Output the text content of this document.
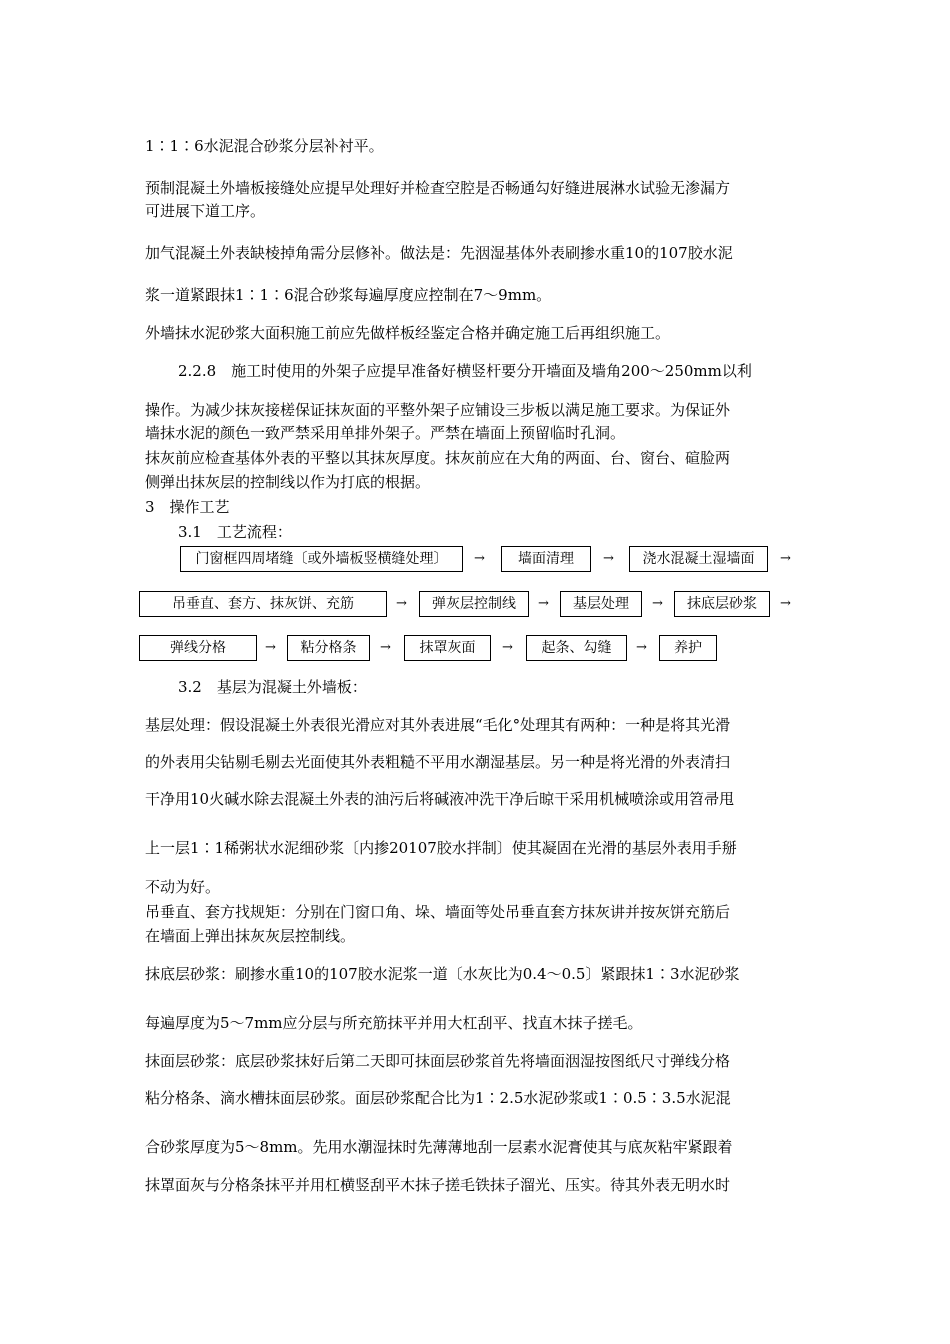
1∶1∶6水泥混合砂浆分层补衬平。
预制混凝土外墙板接缝处应提早处理好并检查空腔是否畅通勾好缝进展淋水试验无渗漏方
可进展下道工序。
加气混凝土外表缺棱掉角需分层修补。做法是：先洇湿基体外表刷掺水重10的107胶水泥
浆一道紧跟抹1∶1∶6混合砂浆每遍厚度应控制在7～9mm。
外墙抹水泥砂浆大面积施工前应先做样板经鉴定合格并确定施工后再组织施工。
2.2.8　施工时使用的外架子应提早准备好横竖杆要分开墙面及墙角200～250mm以利
操作。为减少抹灰接槎保证抹灰面的平整外架子应铺设三步板以满足施工要求。为保证外
墙抹水泥的颜色一致严禁采用单排外架子。严禁在墙面上预留临时孔洞。
抹灰前应检查基体外表的平整以其抹灰厚度。抹灰前应在大角的两面、台、窗台、碹脸两
侧弹出抹灰层的控制线以作为打底的根据。
3　操作工艺
3.1　工艺流程：
门窗框四周堵缝〔或外墙板竖横缝处理〕	→	墙面清理	→	浇水混凝土湿墙面	→
吊垂直、套方、抹灰饼、充筋	→	弹灰层控制线	→	基层处理	→	抹底层砂浆	→
弹线分格	→	粘分格条	→	抹罩灰面	→	起条、勾缝	→	养护
3.2　基层为混凝土外墙板：
基层处理：假设混凝土外表很光滑应对其外表进展“毛化°处理其有两种：一种是将其光滑
的外表用尖钻剔毛剔去光面使其外表粗糙不平用水潮湿基层。另一种是将光滑的外表清扫
干净用10火碱水除去混凝土外表的油污后将碱液冲洗干净后晾干采用机械喷涂或用笤帚甩
上一层1∶1稀粥状水泥细砂浆〔内掺20107胶水拌制〕使其凝固在光滑的基层外表用手掰
不动为好。
吊垂直、套方找规矩：分别在门窗口角、垛、墙面等处吊垂直套方抹灰讲并按灰饼充筋后
在墙面上弹出抹灰灰层控制线。
抹底层砂浆：刷掺水重10的107胶水泥浆一道〔水灰比为0.4～0.5〕紧跟抹1∶3水泥砂浆
每遍厚度为5～7mm应分层与所充筋抹平并用大杠刮平、找直木抹子搓毛。
抹面层砂浆：底层砂浆抹好后第二天即可抹面层砂浆首先将墙面洇湿按图纸尺寸弹线分格
粘分格条、滴水槽抹面层砂浆。面层砂浆配合比为1∶2.5水泥砂浆或1∶0.5∶3.5水泥混
合砂浆厚度为5～8mm。先用水潮湿抹时先薄薄地刮一层素水泥膏使其与底灰粘牢紧跟着
抹罩面灰与分格条抹平并用杠横竖刮平木抹子搓毛铁抹子溜光、压实。待其外表无明水时
